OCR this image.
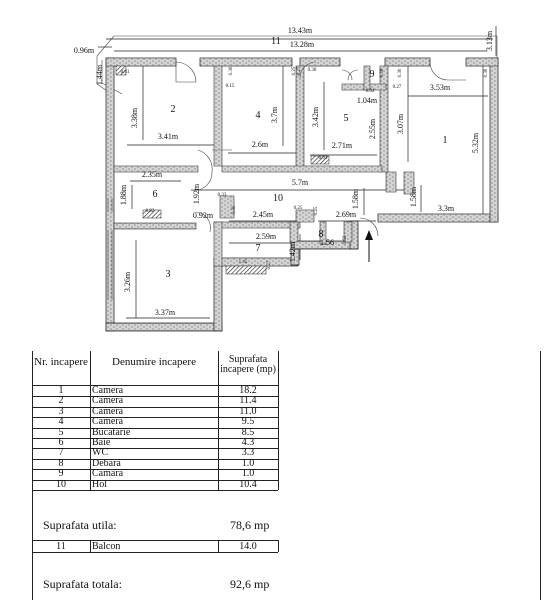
1
2
3
4	5
6
7
8
9
10
11
13.43m
13.28m
0.96m
1.44m
3.38m
3.41m
3.7m
2.6m
3.42m
2.71m
2.55m
1.04m
3.53m
3.07m
5.32m
3.13m
2.35m
1.88m	1.92m
5.7m
2.45m
0.92m	2.69m
1.58m	1.58m
3.3m
2.59m
1.56
1.42m
3.26m
3.37m
0.41	0.30
0.15
0.25 0.27 0.30	0.30
0.94
0.30
0.27
0.30
0.93
0.33
0.30
0.92
0.25 0.25
0.63
1.45	0.27
Nr. incapere	Denumire incapere	Suprafata incapere (mp)
1	Camera	18.2
2	Camera	11.4
3	Camera	11.0
4	Camera	9.5
5	Bucatarie	8.5
6	Baie	4.3
7	WC	3.3
8	Debara	1.0
9	Camara	1.0
10	Hol	10.4
Suprafata utila:	78,6 mp
11	Balcon	14.0
Suprafata totala:	92,6 mp
